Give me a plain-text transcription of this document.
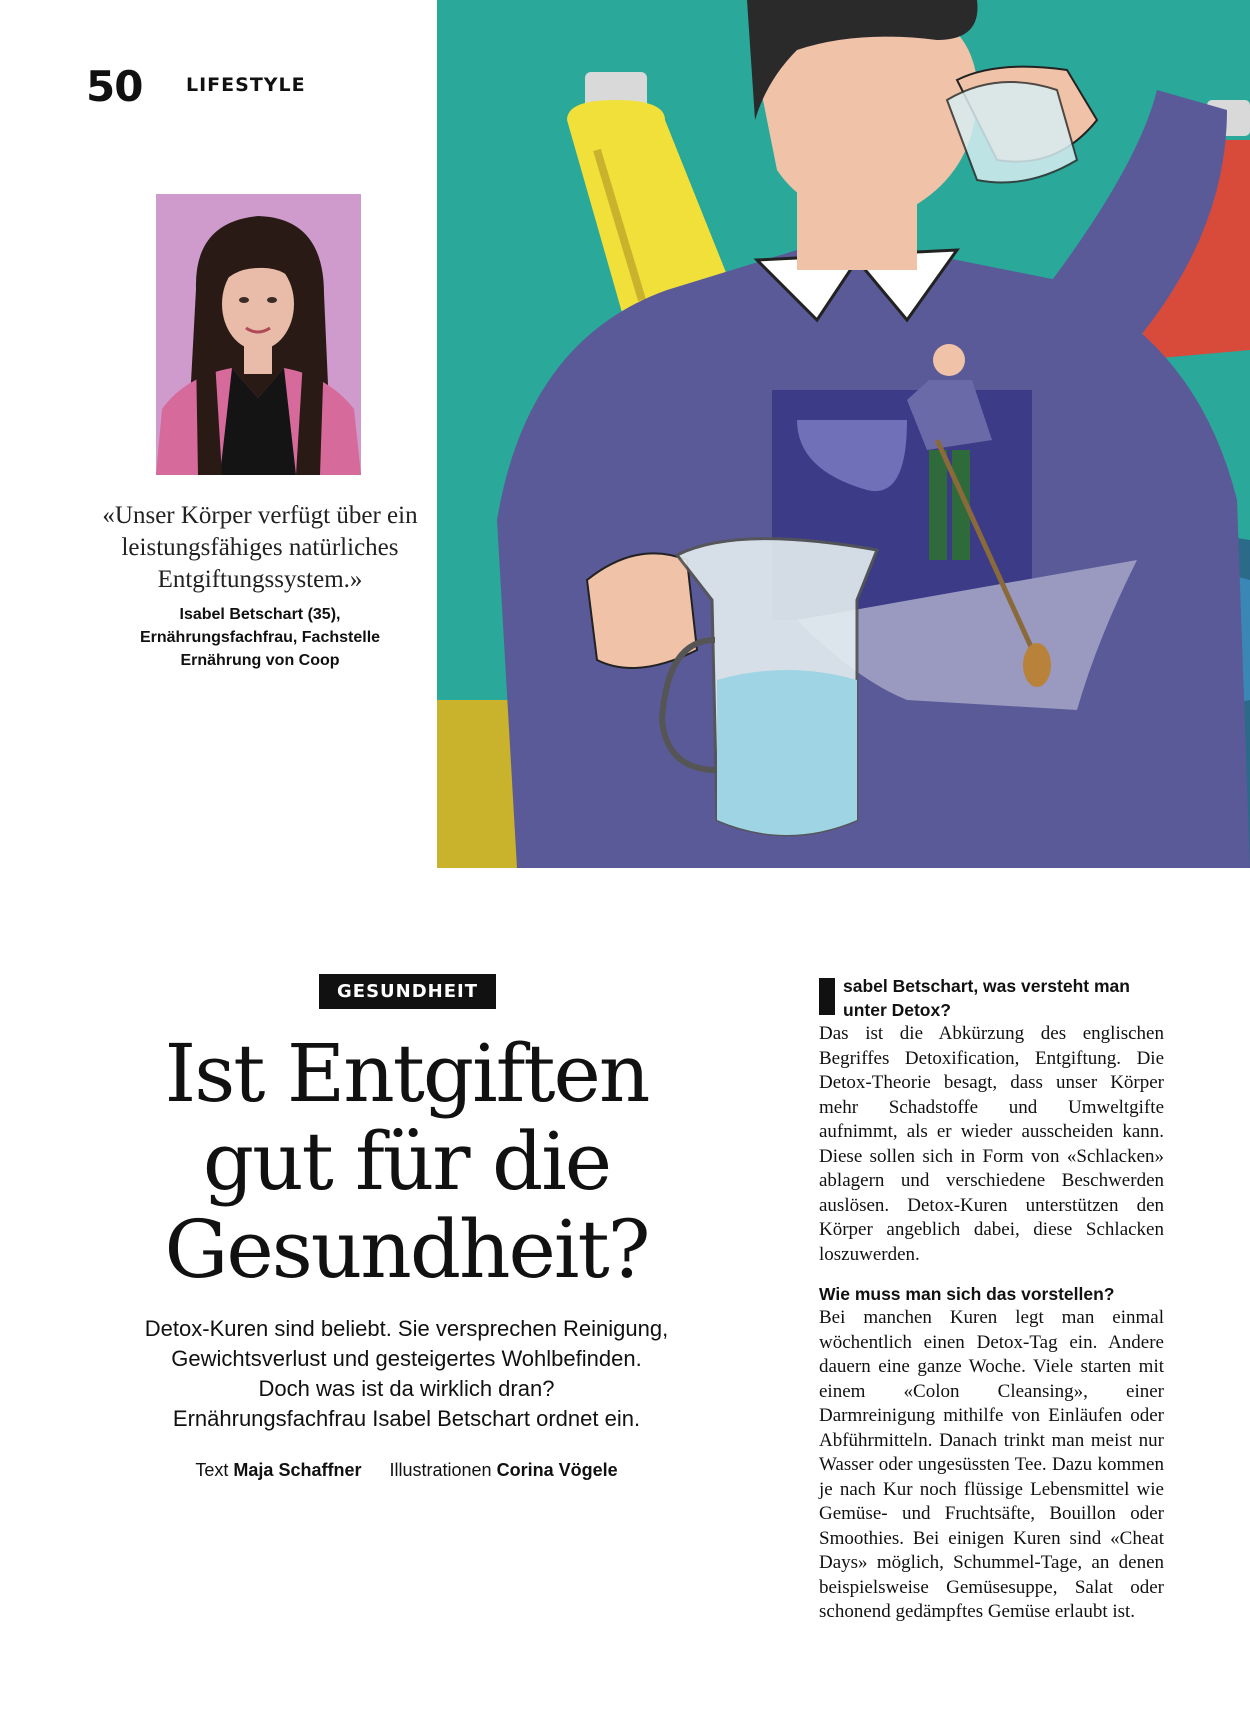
50 LIFESTYLE
«Unser Körper verfügt über ein leistungsfähiges natürliches Entgiftungssystem.»
Isabel Betschart (35),
Ernährungsfachfrau, Fachstelle
Ernährung von Coop
GESUNDHEIT
Ist Entgiften
gut für die
Gesundheit?
Detox-Kuren sind beliebt. Sie versprechen Reinigung,
Gewichtsverlust und gesteigertes Wohlbefinden.
Doch was ist da wirklich dran?
Ernährungsfachfrau Isabel Betschart ordnet ein.
Text Maja Schaffner Illustrationen Corina Vögele
sabel Betschart, was versteht man unter Detox?

Das ist die Abkürzung des englischen Begriffes Detoxification, Entgiftung. Die Detox-Theorie besagt, dass unser Körper mehr Schadstoffe und Umweltgifte aufnimmt, als er wieder ausscheiden kann. Diese sollen sich in Form von «Schlacken» ablagern und verschiedene Beschwerden auslösen. Detox-Kuren unterstützen den Körper angeblich dabei, diese Schlacken loszuwerden.

Wie muss man sich das vorstellen?

Bei manchen Kuren legt man einmal wöchentlich einen Detox-Tag ein. Andere dauern eine ganze Woche. Viele starten mit einem «Colon Cleansing», einer Darmreinigung mithilfe von Einläufen oder Abführmitteln. Danach trinkt man meist nur Wasser oder ungesüssten Tee. Dazu kommen je nach Kur noch flüssige Lebensmittel wie Gemüse- und Fruchtsäfte, Bouillon oder Smoothies. Bei einigen Kuren sind «Cheat Days» möglich, Schummel-Tage, an denen beispielsweise Gemüsesuppe, Salat oder schonend gedämpftes Gemüse erlaubt ist.
